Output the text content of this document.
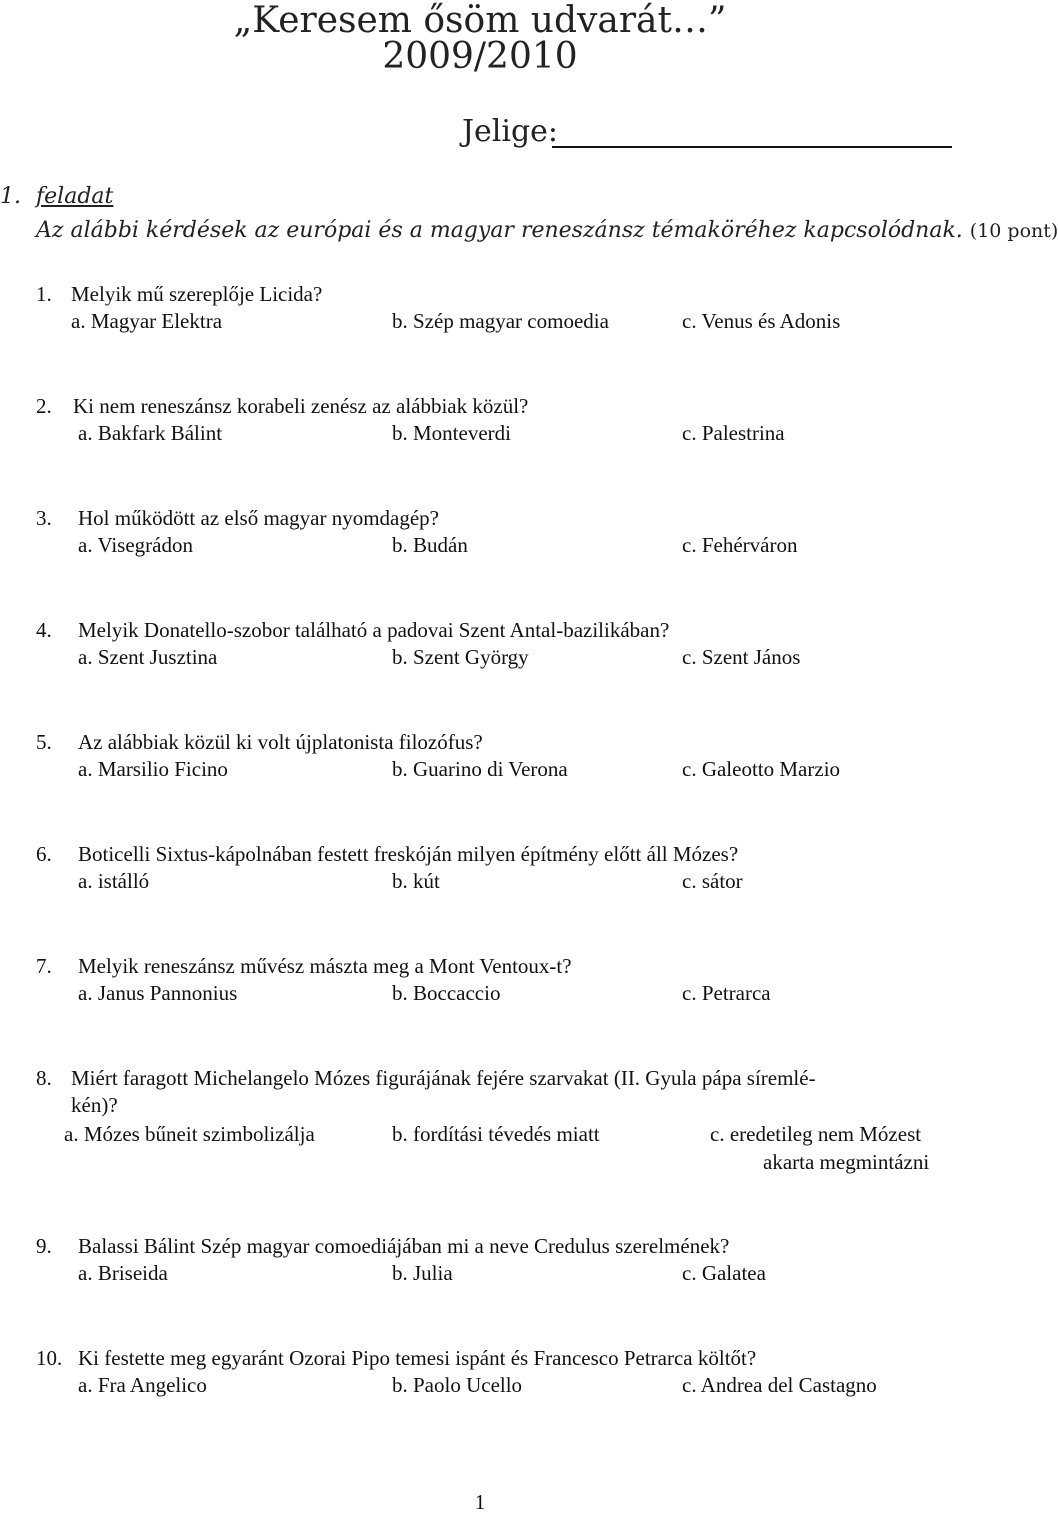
„Keresem ősöm udvarát…”
2009/2010
Jelige:
1. feladat
Az alábbi kérdések az európai és a magyar reneszánsz témaköréhez kapcsolódnak. (10 pont)
1. Melyik mű szereplője Licida?
a. Magyar Elektra	b. Szép magyar comoedia	c. Venus és Adonis
2. Ki nem reneszánsz korabeli zenész az alábbiak közül?
a. Bakfark Bálint	b. Monteverdi	c. Palestrina
3. Hol működött az első magyar nyomdagép?
a. Visegrádon	b. Budán	c. Fehérváron
4. Melyik Donatello-szobor található a padovai Szent Antal-bazilikában?
a. Szent Jusztina	b. Szent György	c. Szent János
5. Az alábbiak közül ki volt újplatonista filozófus?
a. Marsilio Ficino	b. Guarino di Verona	c. Galeotto Marzio
6. Boticelli Sixtus-kápolnában festett freskóján milyen építmény előtt áll Mózes?
a. istálló	b. kút	c. sátor
7. Melyik reneszánsz művész mászta meg a Mont Ventoux-t?
a. Janus Pannonius	b. Boccaccio	c. Petrarca
8. Miért faragott Michelangelo Mózes figurájának fejére szarvakat (II. Gyula pápa síremlé-
kén)?
a. Mózes bűneit szimbolizálja	b. fordítási tévedés miatt	c. eredetileg nem Mózest
akarta megmintázni
9. Balassi Bálint Szép magyar comoediájában mi a neve Credulus szerelmének?
a. Briseida	b. Julia	c. Galatea
10. Ki festette meg egyaránt Ozorai Pipo temesi ispánt és Francesco Petrarca költőt?
a. Fra Angelico	b. Paolo Ucello	c. Andrea del Castagno
1
